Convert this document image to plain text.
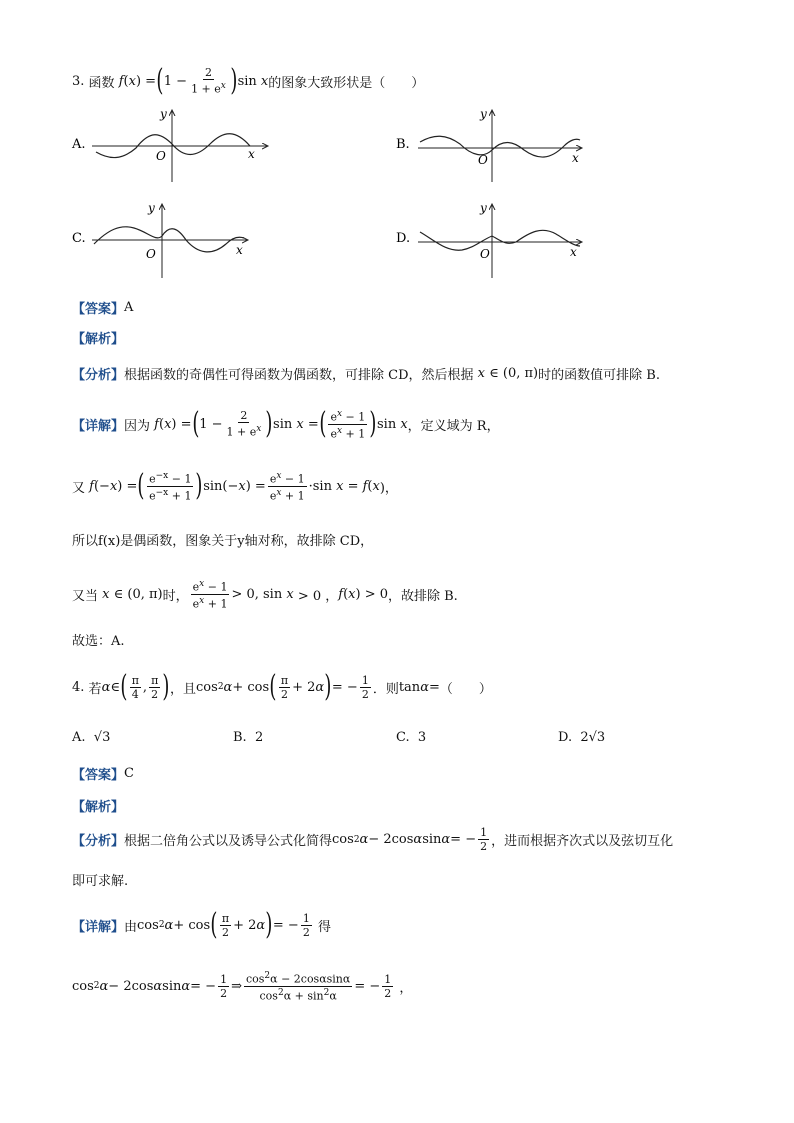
3.
函数 f ( x ) = ( $1 - \frac{2}{1 + e^x}$ ) sin x 的图象大致形状是（　　）
A.
x
y
O
B.
x
y
O
C.
x
y
O
D.
x
y
O
【答案】 A
【解析】
【分析】 根据函数的奇偶性可得函数为偶函数，可排除 CD，然后根据
x ∈ (0, π) 时的函数值可排除 B.
【详解】 因为 f ( x ) = ( $1 - \frac{2}{1 + e^x}$ ) sin x = ( $\frac{e^x - 1}{e^x + 1}$ ) sin x ，定义域为 R，
又 f (− x ) = ( $\frac{e^{-x} - 1}{e^{-x} + 1}$ ) sin(− x ) = $\frac{e^x - 1}{e^x + 1} \cdot\sin$ x = f ( x )，
所以f(x)是偶函数，图象关于y轴对称，故排除 CD，
又当
x ∈ (0, π) 时， $\frac{e^x - 1}{e^x + 1} > 0$, sin x > 0 ， f ( x ) > 0 ，故排除 B.
故选：A.
4.
若 α ∈ ( $\frac{\pi}{4}$ , $\frac{\pi}{2}$ ) ，且 cos 2 α + cos ( $\frac{\pi}{2} + 2$ α ) = − $\frac{1}{2}$ ．则 tan α = （　　）
A. √3	B. 2	C. 3	D. 2√3
【答案】 C
【解析】
【分析】 根据二倍角公式以及诱导公式化简得 cos 2 α − 2cos α sin α = − $\frac{1}{2}$ ，进而根据齐次式以及弦切互化
即可求解.
【详解】 由 cos 2 α + cos ( $\frac{\pi}{2} + 2$ α ) = − $\frac{1}{2}$
得
cos 2 α − 2cos α sin α = − $\frac{1}{2}$ ⇒ $\frac{\cos^2\alpha - 2\cos\alpha\sin\alpha}{\cos^2\alpha + \sin^2\alpha}$ = − $\frac{1}{2}$ ，
